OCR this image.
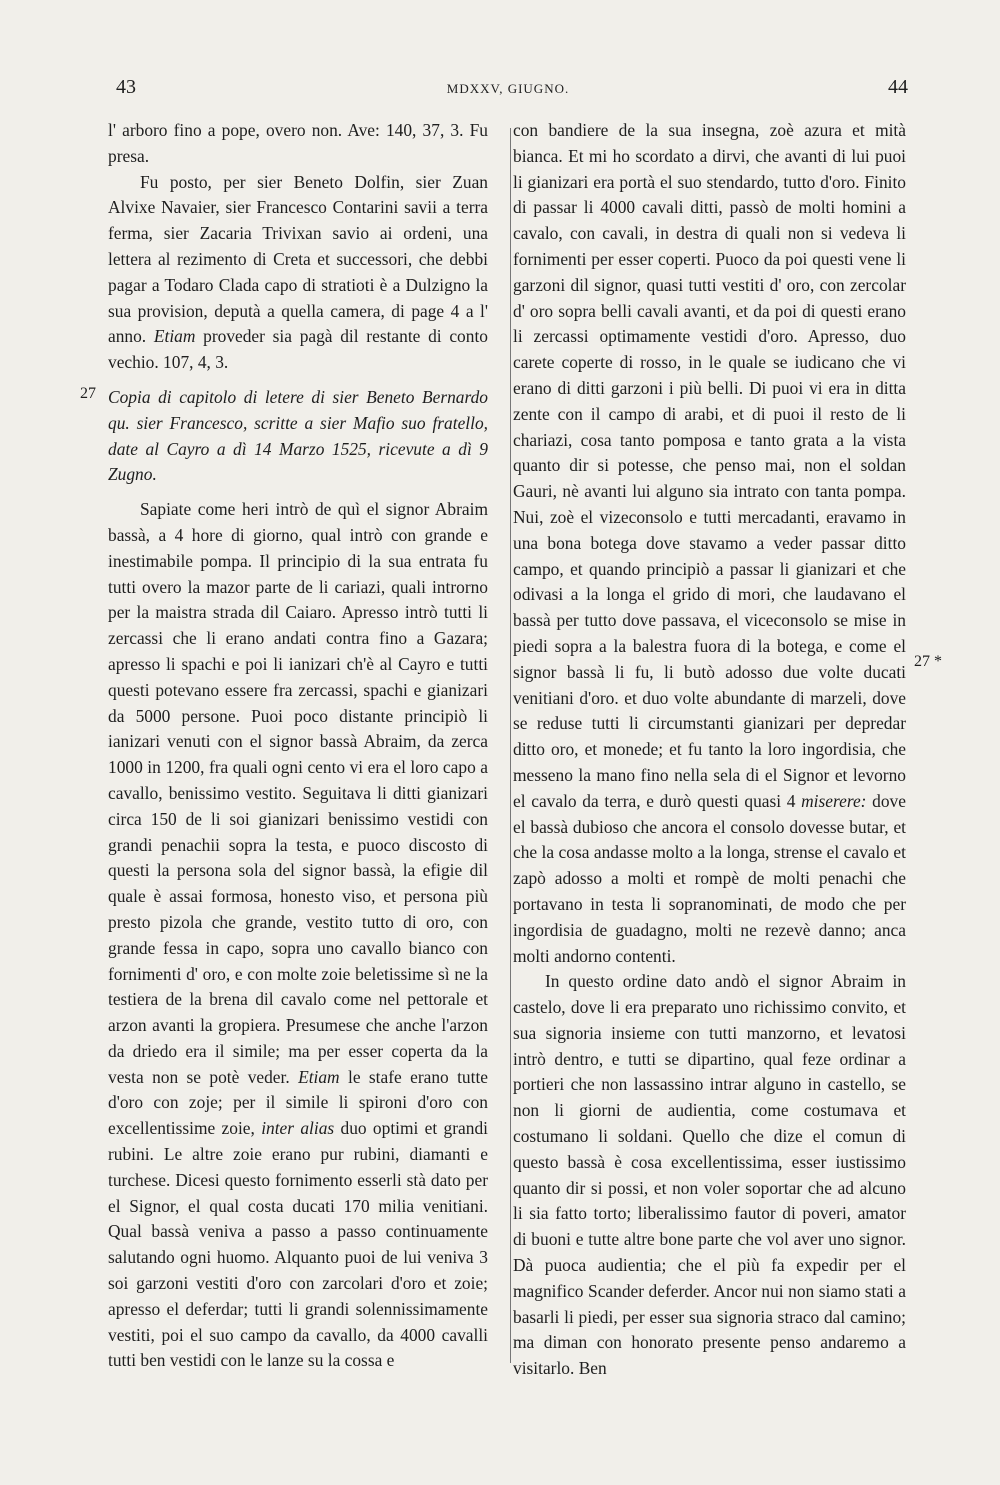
43	MDXXV, GIUGNO.	44
27
27 *

l' arboro fino a pope, overo non. Ave: 140, 37, 3. Fu presa.

Fu posto, per sier Beneto Dolfin, sier Zuan Alvixe Navaier, sier Francesco Contarini savii a terra ferma, sier Zacaria Trivixan savio ai ordeni, una lettera al rezimento di Creta et successori, che debbi pagar a Todaro Clada capo di stratioti è a Dulzigno la sua provision, deputà a quella camera, di page 4 a l' anno. Etiam proveder sia pagà dil restante di conto vechio. 107, 4, 3.

Copia di capitolo di letere di sier Beneto Bernardo qu. sier Francesco, scritte a sier Mafio suo fratello, date al Cayro a dì 14 Marzo 1525, ricevute a dì 9 Zugno.

Sapiate come heri intrò de quì el signor Abraim bassà, a 4 hore di giorno, qual intrò con grande e inestimabile pompa. Il principio di la sua entrata fu tutti overo la mazor parte de li cariazi, quali introrno per la maistra strada dil Caiaro. Apresso intrò tutti li zercassi che li erano andati contra fino a Gazara; apresso li spachi e poi li ianizari ch'è al Cayro e tutti questi potevano essere fra zercassi, spachi e gianizari da 5000 persone. Puoi poco distante principiò li ianizari venuti con el signor bassà Abraim, da zerca 1000 in 1200, fra quali ogni cento vi era el loro capo a cavallo, benissimo vestito. Seguitava li ditti gianizari circa 150 de li soi gianizari benissimo vestidi con grandi penachii sopra la testa, e puoco discosto di questi la persona sola del signor bassà, la efigie dil quale è assai formosa, honesto viso, et persona più presto pizola che grande, vestito tutto di oro, con grande fessa in capo, sopra uno cavallo bianco con fornimenti d' oro, e con molte zoie beletissime sì ne la testiera de la brena dil cavalo come nel pettorale et arzon avanti la gropiera. Presumese che anche l'arzon da driedo era il simile; ma per esser coperta da la vesta non se potè veder. Etiam le stafe erano tutte d'oro con zoje; per il simile li spironi d'oro con excellentissime zoie, inter alias duo optimi et grandi rubini. Le altre zoie erano pur rubini, diamanti e turchese. Dicesi questo fornimento esserli stà dato per el Signor, el qual costa ducati 170 milia venitiani. Qual bassà veniva a passo a passo continuamente salutando ogni huomo. Alquanto puoi de lui veniva 3 soi garzoni vestiti d'oro con zarcolari d'oro et zoie; apresso el deferdar; tutti li grandi solennissimamente vestiti, poi el suo campo da cavallo, da 4000 cavalli tutti ben vestidi con le lanze su la cossa e

con bandiere de la sua insegna, zoè azura et mità bianca. Et mi ho scordato a dirvi, che avanti di lui puoi li gianizari era portà el suo stendardo, tutto d'oro. Finito di passar li 4000 cavali ditti, passò de molti homini a cavalo, con cavali, in destra di quali non si vedeva li fornimenti per esser coperti. Puoco da poi questi vene li garzoni dil signor, quasi tutti vestiti d' oro, con zercolar d' oro sopra belli cavali avanti, et da poi di questi erano li zercassi optimamente vestidi d'oro. Apresso, duo carete coperte di rosso, in le quale se iudicano che vi erano di ditti garzoni i più belli. Di puoi vi era in ditta zente con il campo di arabi, et di puoi il resto de li chariazi, cosa tanto pomposa e tanto grata a la vista quanto dir si potesse, che penso mai, non el soldan Gauri, nè avanti lui alguno sia intrato con tanta pompa. Nui, zoè el vizeconsolo e tutti mercadanti, eravamo in una bona botega dove stavamo a veder passar ditto campo, et quando principiò a passar li gianizari et che odivasi a la longa el grido di mori, che laudavano el bassà per tutto dove passava, el viceconsolo se mise in piedi sopra a la balestra fuora di la botega, e come el signor bassà li fu, li butò adosso due volte ducati venitiani d'oro. et duo volte abundante di marzeli, dove se reduse tutti li circumstanti gianizari per depredar ditto oro, et monede; et fu tanto la loro ingordisia, che messeno la mano fino nella sela di el Signor et levorno el cavalo da terra, e durò questi quasi 4 miserere: dove el bassà dubioso che ancora el consolo dovesse butar, et che la cosa andasse molto a la longa, strense el cavalo et zapò adosso a molti et rompè de molti penachi che portavano in testa li sopranominati, de modo che per ingordisia de guadagno, molti ne rezevè danno; anca molti andorno contenti.

In questo ordine dato andò el signor Abraim in castelo, dove li era preparato uno richissimo convito, et sua signoria insieme con tutti manzorno, et levatosi intrò dentro, e tutti se dipartino, qual feze ordinar a portieri che non lassassino intrar alguno in castello, se non li giorni de audientia, come costumava et costumano li soldani. Quello che dize el comun di questo bassà è cosa excellentissima, esser iustissimo quanto dir si possi, et non voler soportar che ad alcuno li sia fatto torto; liberalissimo fautor di poveri, amator di buoni e tutte altre bone parte che vol aver uno signor. Dà puoca audientia; che el più fa expedir per el magnifico Scander deferder. Ancor nui non siamo stati a basarli li piedi, per esser sua signoria straco dal camino; ma diman con honorato presente penso andaremo a visitarlo. Ben
